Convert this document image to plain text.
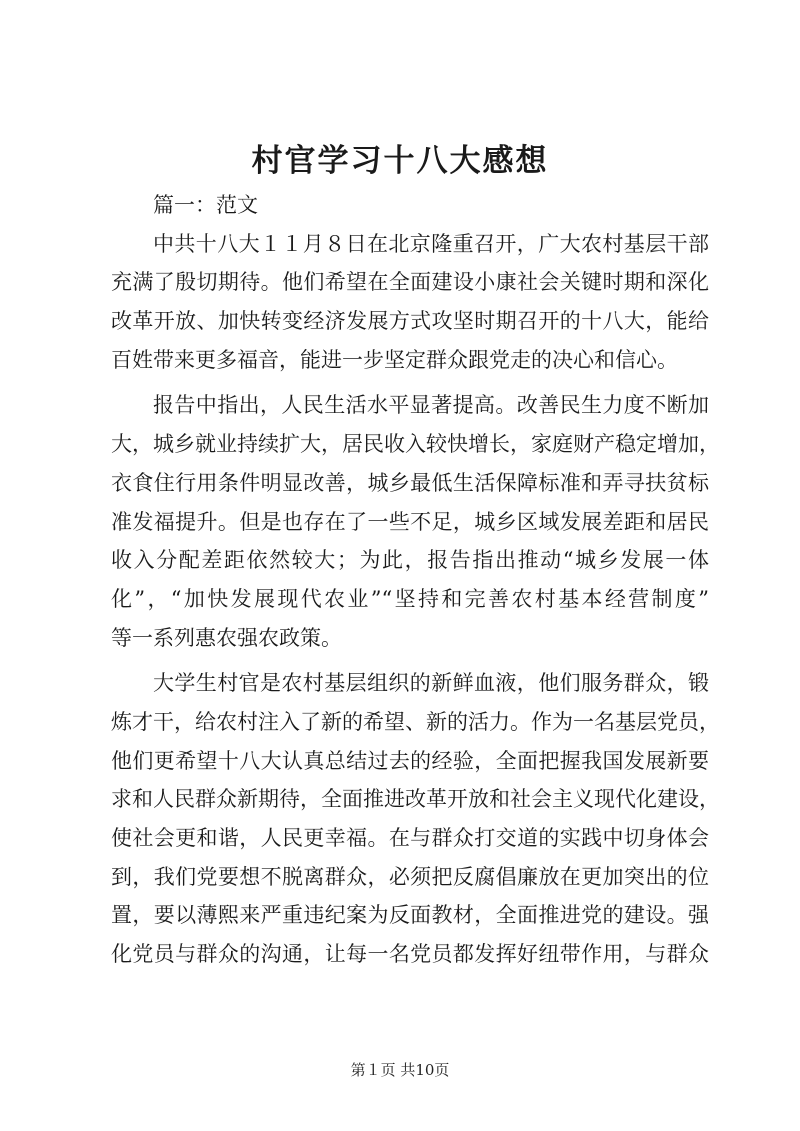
村官学习十八大感想
篇一：范文
中共十八大１１月８日在北京隆重召开，广大农村基层干部
充满了殷切期待。他们希望在全面建设小康社会关键时期和深化
改革开放、加快转变经济发展方式攻坚时期召开的十八大，能给
百姓带来更多福音，能进一步坚定群众跟党走的决心和信心。
报告中指出，人民生活水平显著提高。改善民生力度不断加
大，城乡就业持续扩大，居民收入较快增长，家庭财产稳定增加，
衣食住行用条件明显改善，城乡最低生活保障标准和弄寻扶贫标
准发福提升。但是也存在了一些不足，城乡区域发展差距和居民
收入分配差距依然较大；为此，报告指出推动“城乡发展一体
化”，“加快发展现代农业”“坚持和完善农村基本经营制度”
等一系列惠农强农政策。
大学生村官是农村基层组织的新鲜血液，他们服务群众，锻
炼才干，给农村注入了新的希望、新的活力。作为一名基层党员，
他们更希望十八大认真总结过去的经验，全面把握我国发展新要
求和人民群众新期待，全面推进改革开放和社会主义现代化建设，
使社会更和谐，人民更幸福。在与群众打交道的实践中切身体会
到，我们党要想不脱离群众，必须把反腐倡廉放在更加突出的位
置，要以薄熙来严重违纪案为反面教材，全面推进党的建设。强
化党员与群众的沟通，让每一名党员都发挥好纽带作用，与群众
第１页 共10页
